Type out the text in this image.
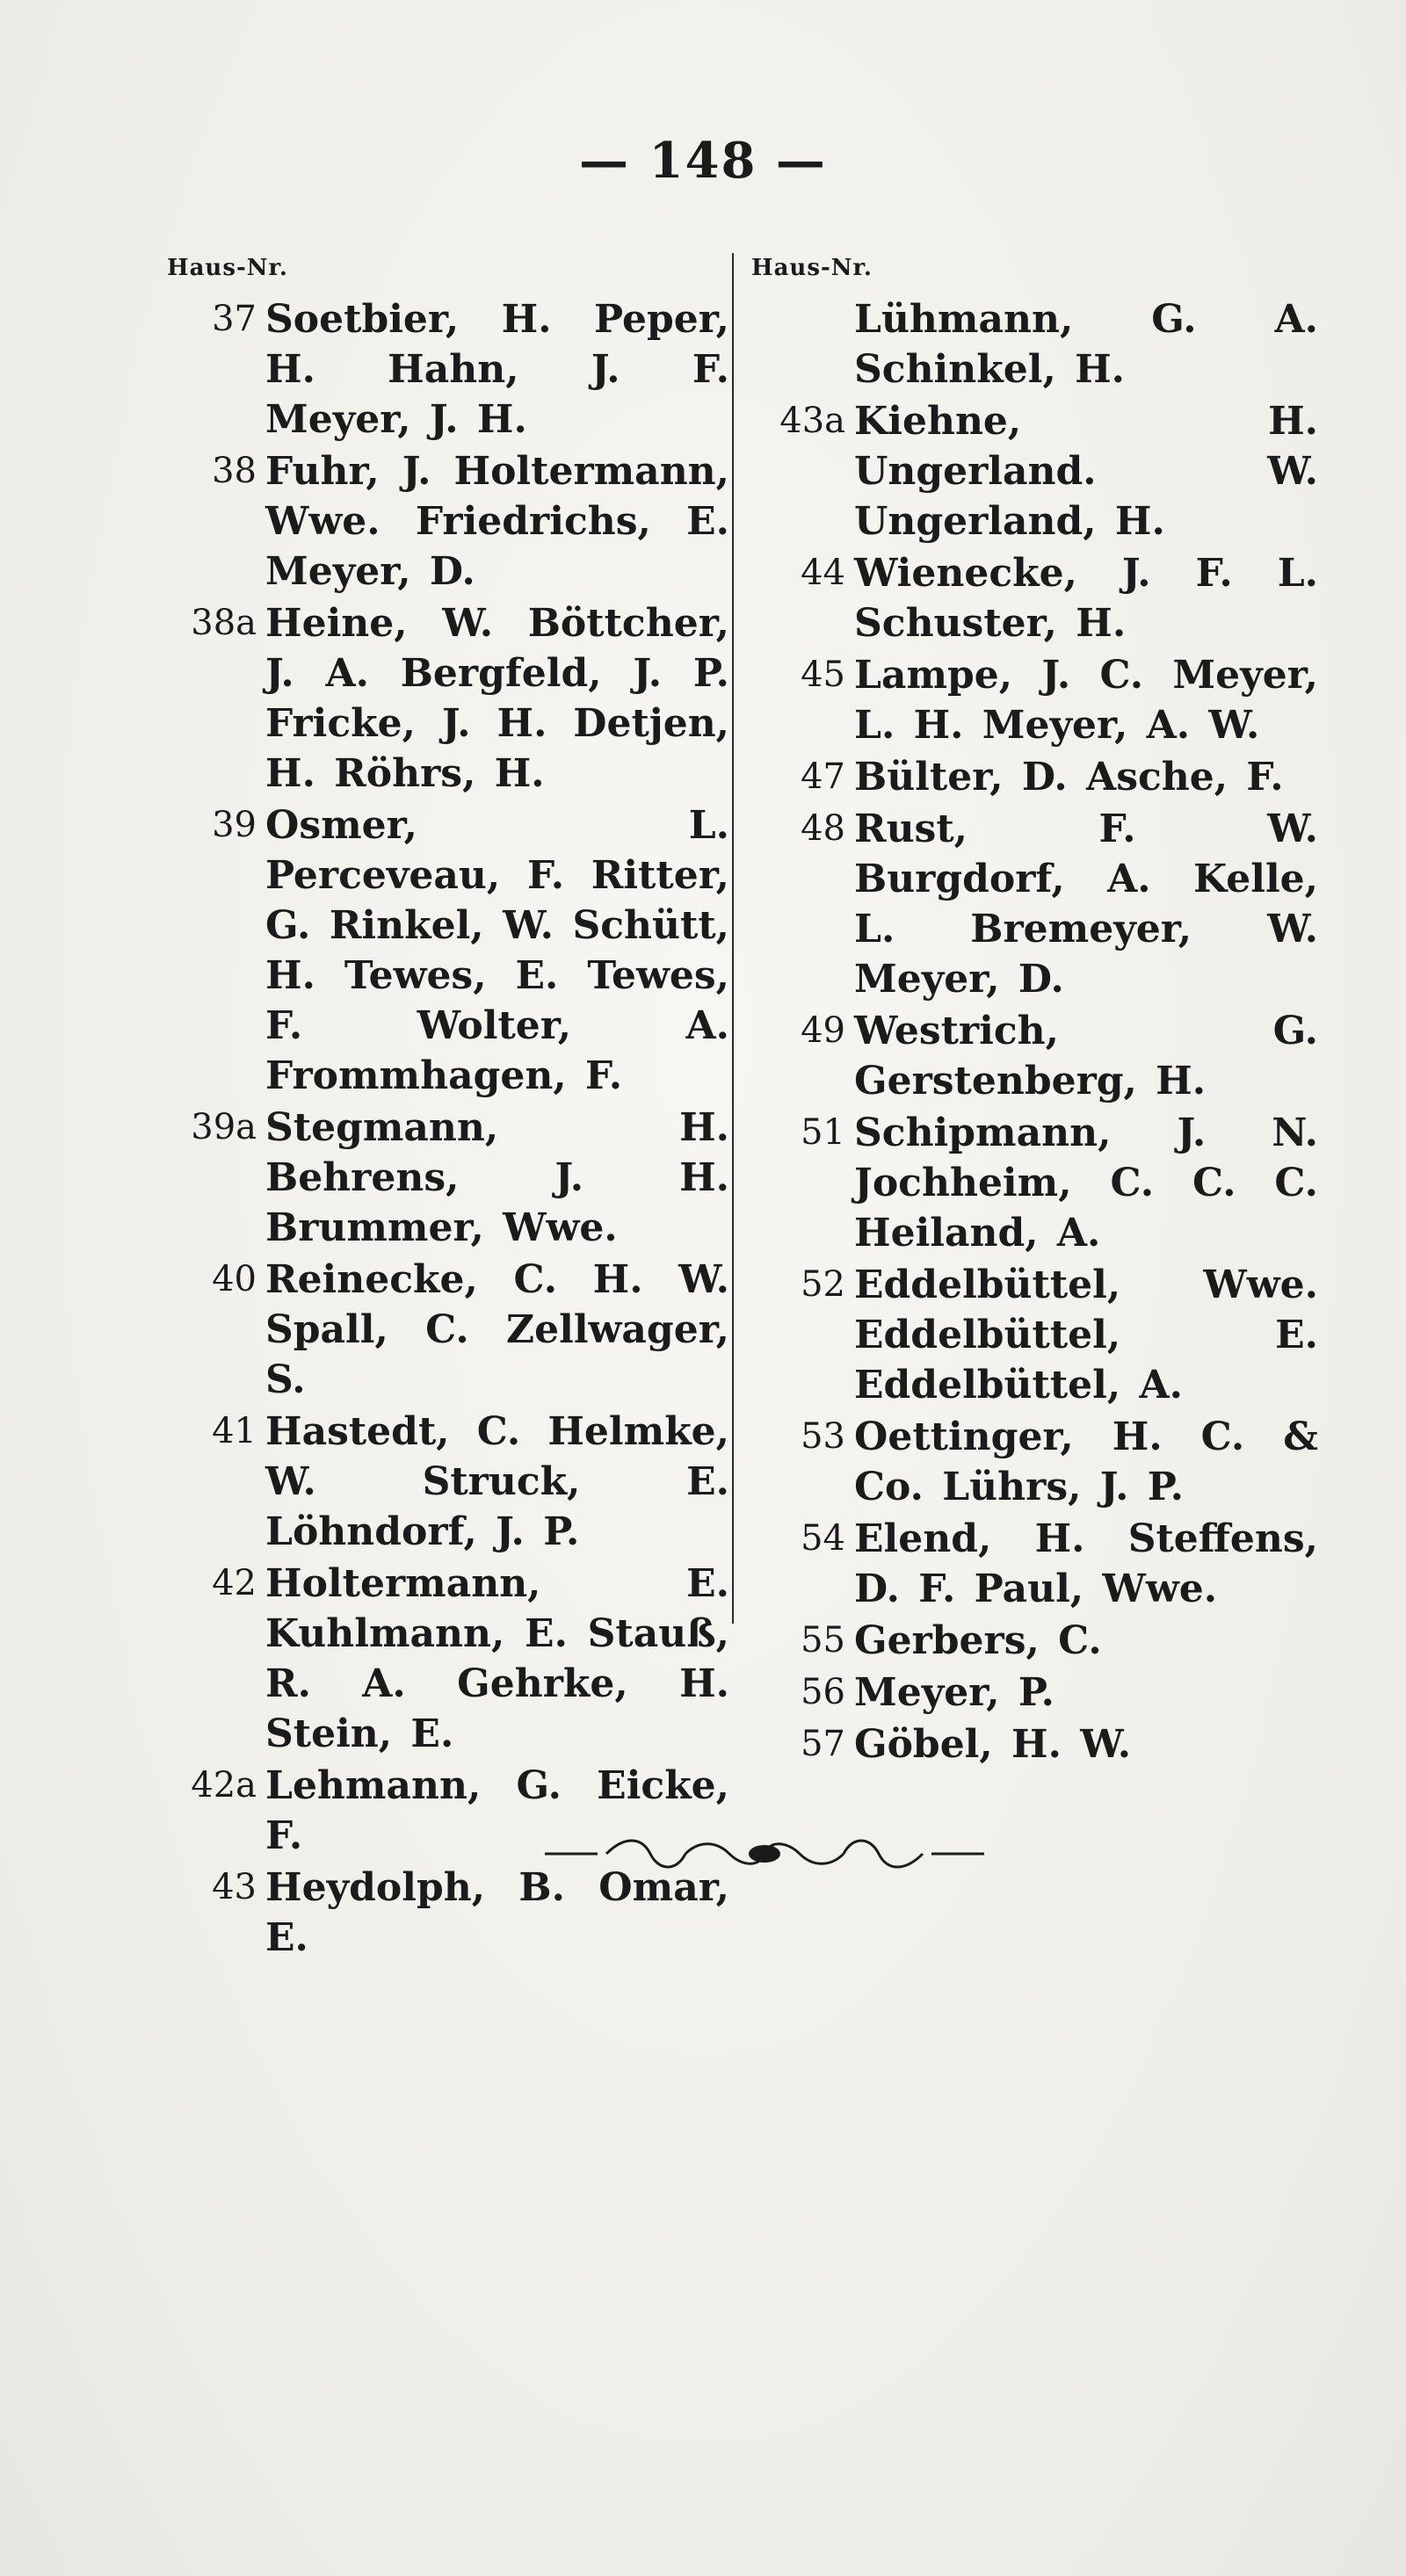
— 148 —
Haus-Nr.	Haus-Nr.
37 Soetbier, H. Peper, H. Hahn, J. F. Meyer, J. H.
38 Fuhr, J. Holtermann, Wwe. Friedrichs, E. Meyer, D.
38a Heine, W. Böttcher, J. A. Bergfeld, J. P. Fricke, J. H. Detjen, H. Röhrs, H.
39 Osmer, L. Perceveau, F. Ritter, G. Rinkel, W. Schütt, H. Tewes, E. Tewes, F. Wolter, A. Frommhagen, F.
39a Stegmann, H. Behrens, J. H. Brummer, Wwe.
40 Reinecke, C. H. W. Spall, C. Zellwager, S.
41 Hastedt, C. Helmke, W. Struck, E. Löhndorf, J. P.
42 Holtermann, E. Kuhlmann, E. Stauß, R. A. Gehrke, H. Stein, E.
42a Lehmann, G. Eicke, F.
43 Heydolph, B. Omar, E.
Lühmann, G. A. Schinkel, H.
43a Kiehne, H. Ungerland. W. Ungerland, H.
44 Wienecke, J. F. L. Schuster, H.
45 Lampe, J. C. Meyer, L. H. Meyer, A. W.
47 Bülter, D. Asche, F.
48 Rust, F. W. Burgdorf, A. Kelle, L. Bremeyer, W. Meyer, D.
49 Westrich, G. Gerstenberg, H.
51 Schipmann, J. N. Jochheim, C. C. C. Heiland, A.
52 Eddelbüttel, Wwe. Eddelbüttel, E. Eddelbüttel, A.
53 Oettinger, H. C. & Co. Lührs, J. P.
54 Elend, H. Steffens, D. F. Paul, Wwe.
55 Gerbers, C.
56 Meyer, P.
57 Göbel, H. W.
